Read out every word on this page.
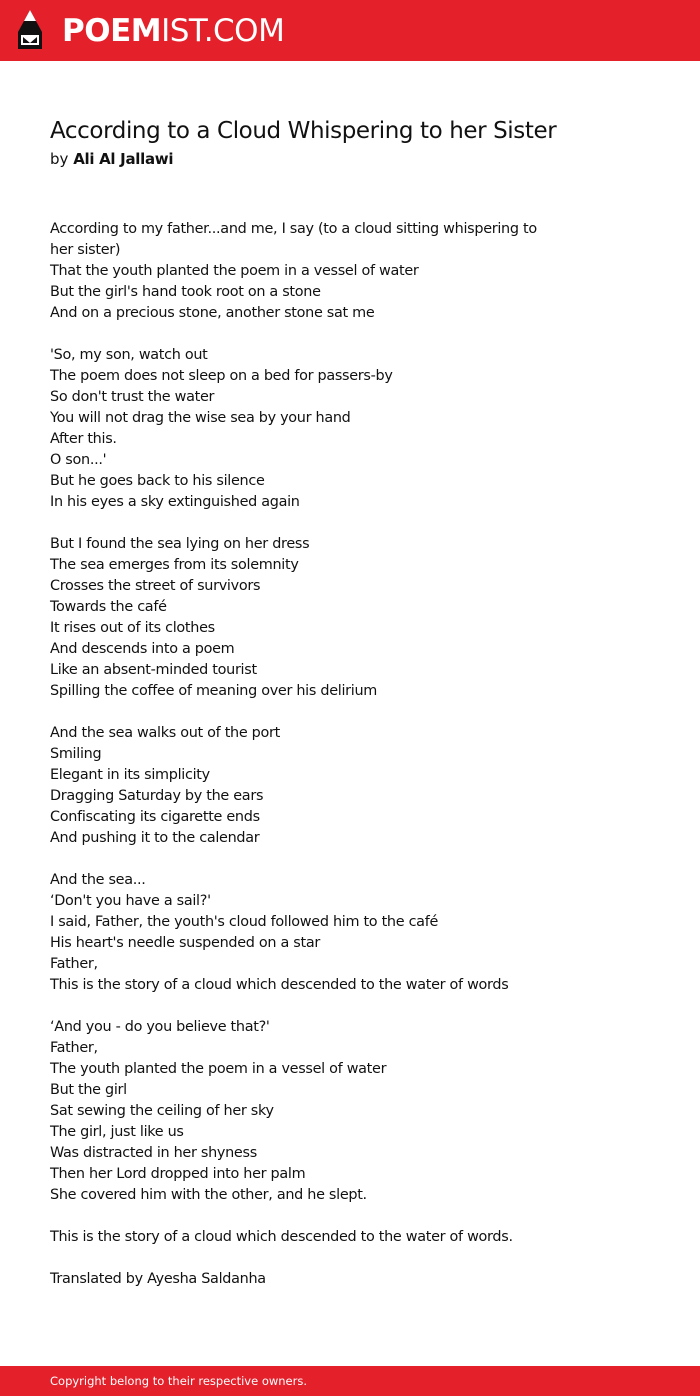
POEMIST.COM
According to a Cloud Whispering to her Sister
by Ali Al Jallawi
According to my father...and me, I say (to a cloud sitting whispering to
her sister)
That the youth planted the poem in a vessel of water
But the girl's hand took root on a stone
And on a precious stone, another stone sat me
'So, my son, watch out
The poem does not sleep on a bed for passers-by
So don't trust the water
You will not drag the wise sea by your hand
After this.
O son...'
But he goes back to his silence
In his eyes a sky extinguished again
But I found the sea lying on her dress
The sea emerges from its solemnity
Crosses the street of survivors
Towards the café
It rises out of its clothes
And descends into a poem
Like an absent-minded tourist
Spilling the coffee of meaning over his delirium
And the sea walks out of the port
Smiling
Elegant in its simplicity
Dragging Saturday by the ears
Confiscating its cigarette ends
And pushing it to the calendar
And the sea...
‘Don't you have a sail?'
I said, Father, the youth's cloud followed him to the café
His heart's needle suspended on a star
Father,
This is the story of a cloud which descended to the water of words
‘And you - do you believe that?'
Father,
The youth planted the poem in a vessel of water
But the girl
Sat sewing the ceiling of her sky
The girl, just like us
Was distracted in her shyness
Then her Lord dropped into her palm
She covered him with the other, and he slept.
This is the story of a cloud which descended to the water of words.
Translated by Ayesha Saldanha
Copyright belong to their respective owners.
